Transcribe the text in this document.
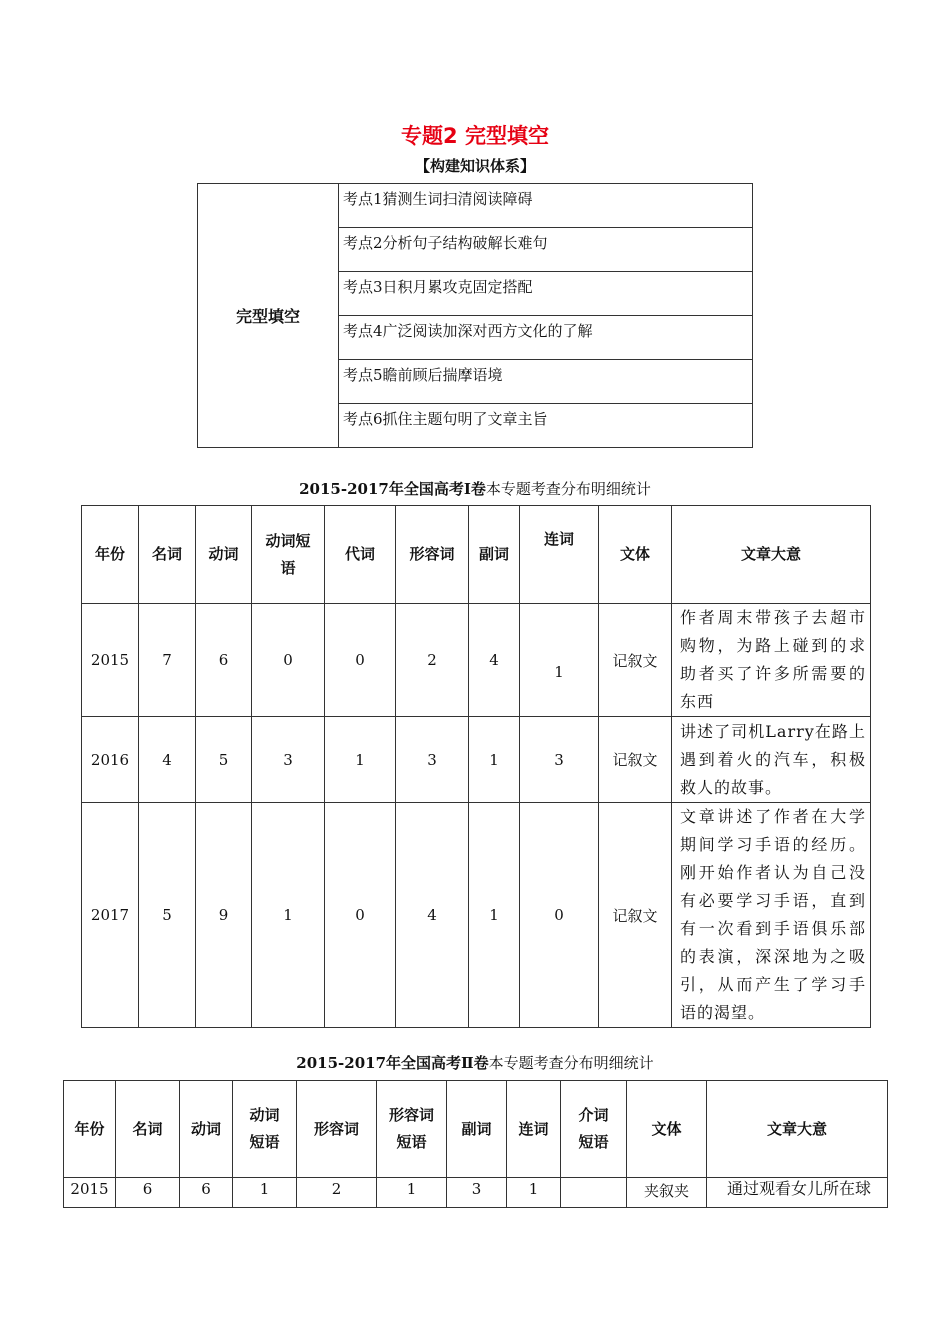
专题2 完型填空
【构建知识体系】
完型填空	考点1猜测生词扫清阅读障碍
考点2分析句子结构破解长难句
考点3日积月累攻克固定搭配
考点4广泛阅读加深对西方文化的了解
考点5瞻前顾后揣摩语境
考点6抓住主题句明了文章主旨
2015-2017年全国高考Ⅰ卷本专题考查分布明细统计
年份	名词	动词	动词短语	代词	形容词	副词	连词	文体	文章大意
2015	7	6	0	0	2	4	1	记叙文	作者周末带孩子去超市购物，为路上碰到的求助者买了许多所需要的东西
2016	4	5	3	1	3	1	3	记叙文	讲述了司机Larry在路上遇到着火的汽车，积极救人的故事。
2017	5	9	1	0	4	1	0	记叙文	文章讲述了作者在大学期间学习手语的经历。刚开始作者认为自己没有必要学习手语，直到有一次看到手语俱乐部的表演，深深地为之吸引，从而产生了学习手语的渴望。
2015-2017年全国高考Ⅱ卷本专题考查分布明细统计
年份	名词	动词	动词短语	形容词	形容词短语	副词	连词	介词短语	文体	文章大意
2015	6	6	1	2	1	3	1		夹叙夹	通过观看女儿所在球
